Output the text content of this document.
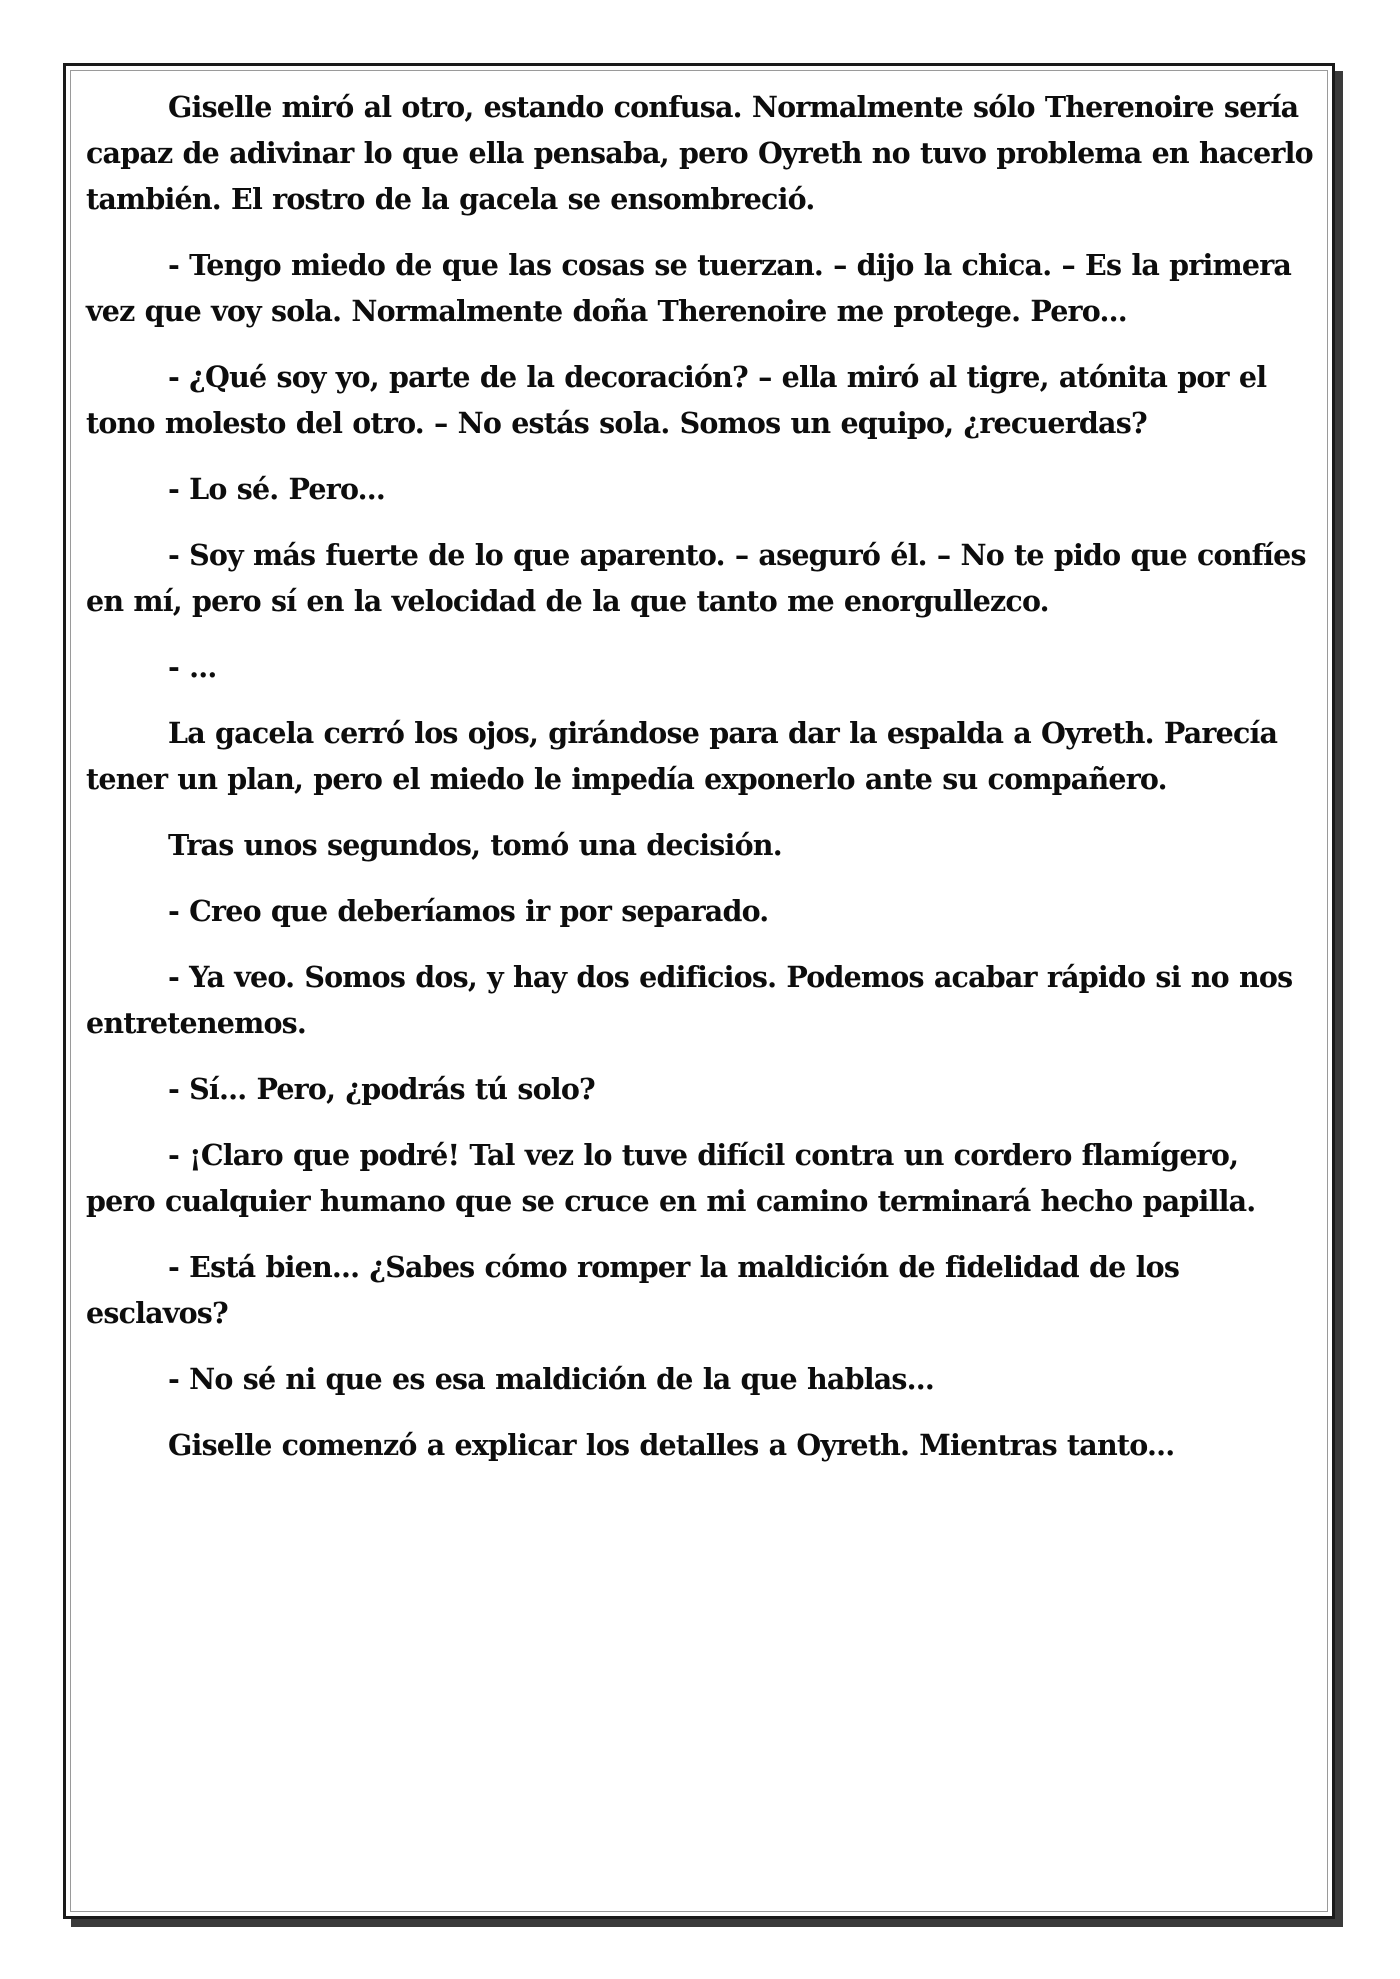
Giselle miró al otro, estando confusa. Normalmente sólo Therenoire sería capaz de adivinar lo que ella pensaba, pero Oyreth no tuvo problema en hacerlo también. El rostro de la gacela se ensombreció.

- Tengo miedo de que las cosas se tuerzan. – dijo la chica. – Es la primera vez que voy sola. Normalmente doña Therenoire me protege. Pero...

- ¿Qué soy yo, parte de la decoración? – ella miró al tigre, atónita por el tono molesto del otro. – No estás sola. Somos un equipo, ¿recuerdas?

- Lo sé. Pero...

- Soy más fuerte de lo que aparento. – aseguró él. – No te pido que confíes en mí, pero sí en la velocidad de la que tanto me enorgullezco.

- ...

La gacela cerró los ojos, girándose para dar la espalda a Oyreth. Parecía tener un plan, pero el miedo le impedía exponerlo ante su compañero.

Tras unos segundos, tomó una decisión.

- Creo que deberíamos ir por separado.

- Ya veo. Somos dos, y hay dos edificios. Podemos acabar rápido si no nos entretenemos.

- Sí... Pero, ¿podrás tú solo?

- ¡Claro que podré! Tal vez lo tuve difícil contra un cordero flamígero, pero cualquier humano que se cruce en mi camino terminará hecho papilla.

- Está bien... ¿Sabes cómo romper la maldición de fidelidad de los esclavos?

- No sé ni que es esa maldición de la que hablas...

Giselle comenzó a explicar los detalles a Oyreth. Mientras tanto...
